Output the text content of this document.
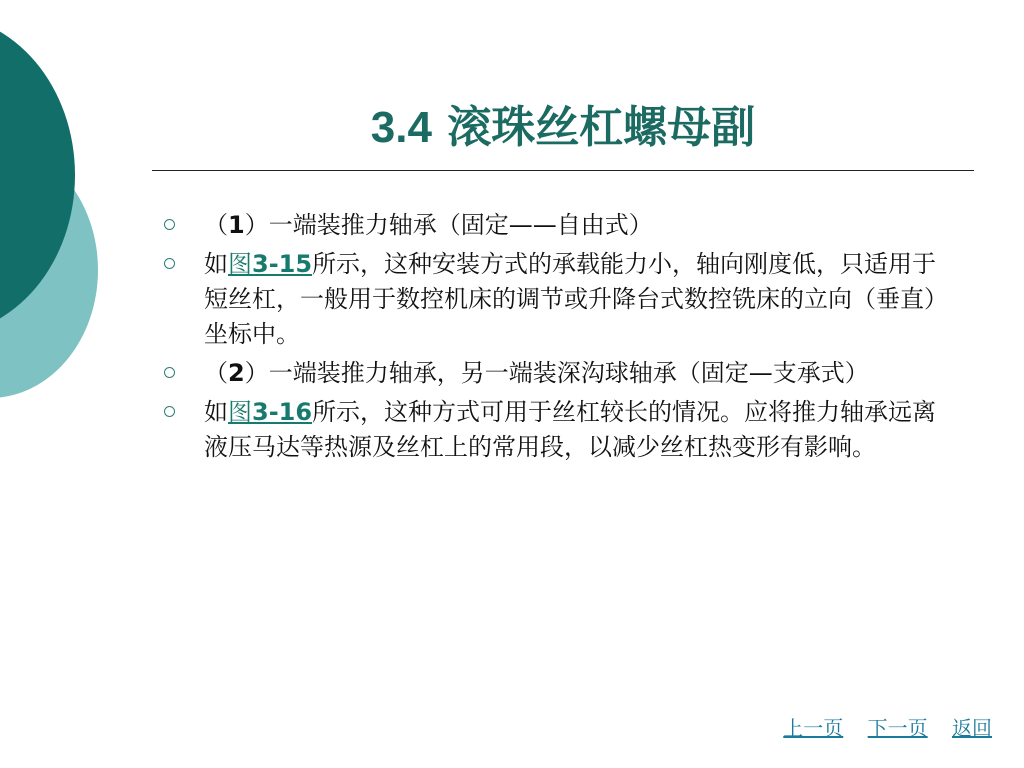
3.4 滚珠丝杠螺母副
（1）一端装推力轴承（固定——自由式）
如图3-15所示，这种安装方式的承载能力小，轴向刚度低，只适用于短丝杠，一般用于数控机床的调节或升降台式数控铣床的立向（垂直）坐标中。
（2）一端装推力轴承，另一端装深沟球轴承（固定—支承式）
如图3-16所示，这种方式可用于丝杠较长的情况。应将推力轴承远离液压马达等热源及丝杠上的常用段，以减少丝杠热变形有影响。
上一页 下一页 返回
